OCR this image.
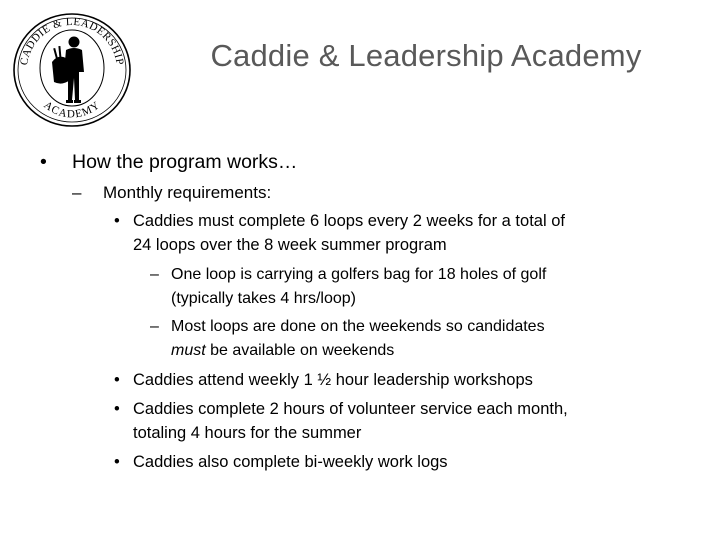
CADDIE & LEADERSHIP
ACADEMY
Caddie & Leadership Academy
• How the program works…
– Monthly requirements:
• Caddies must complete 6 loops every 2 weeks for a total of
24 loops over the 8 week summer program
– One loop is carrying a golfers bag for 18 holes of golf
(typically takes 4 hrs/loop)
– Most loops are done on the weekends so candidates
must be available on weekends
• Caddies attend weekly 1 ½ hour leadership workshops
• Caddies complete 2 hours of volunteer service each month,
totaling 4 hours for the summer
• Caddies also complete bi-weekly work logs
